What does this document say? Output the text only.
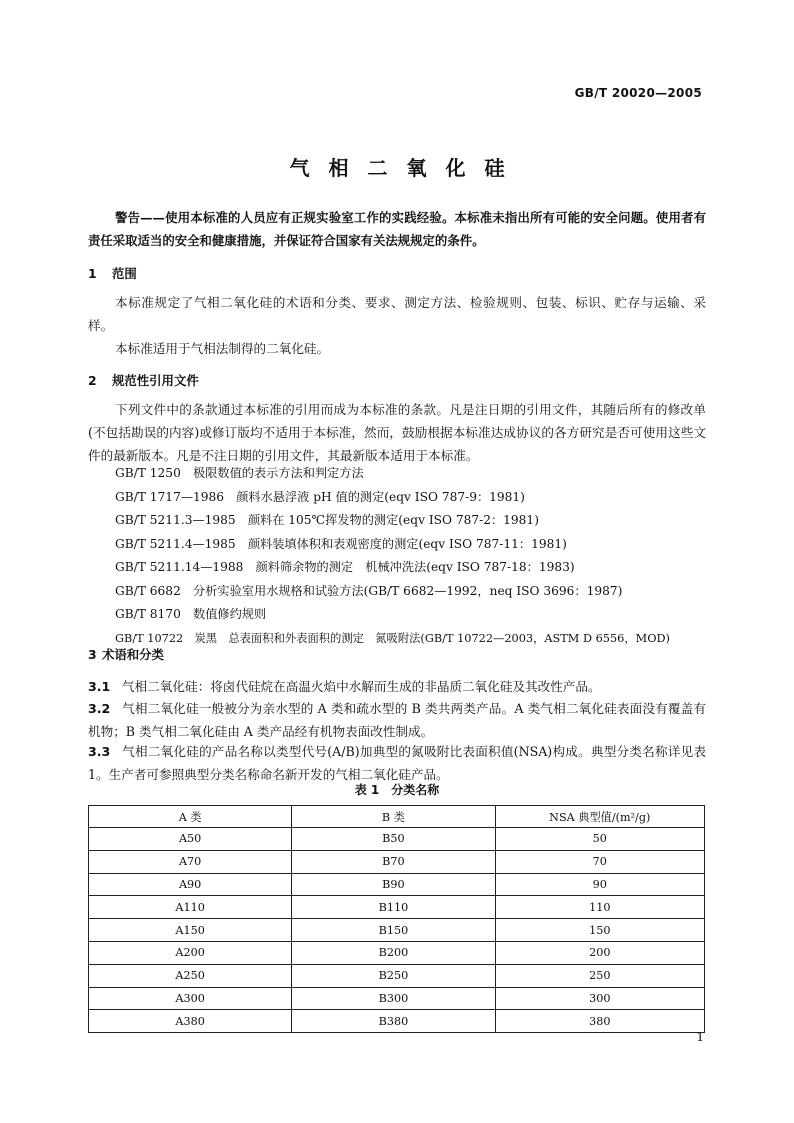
GB/T 20020—2005
气相二氧化硅
警告——使用本标准的人员应有正规实验室工作的实践经验。本标准未指出所有可能的安全问题。使用者有责任采取适当的安全和健康措施，并保证符合国家有关法规规定的条件。
1 范围
本标准规定了气相二氧化硅的术语和分类、要求、测定方法、检验规则、包装、标识、贮存与运输、采样。
本标准适用于气相法制得的二氧化硅。
2 规范性引用文件
下列文件中的条款通过本标准的引用而成为本标准的条款。凡是注日期的引用文件，其随后所有的修改单(不包括勘误的内容)或修订版均不适用于本标准，然而，鼓励根据本标准达成协议的各方研究是否可使用这些文件的最新版本。凡是不注日期的引用文件，其最新版本适用于本标准。
GB/T 1250　极限数值的表示方法和判定方法
GB/T 1717—1986　颜料水悬浮液 pH 值的测定(eqv ISO 787-9：1981)
GB/T 5211.3—1985　颜料在 105℃挥发物的测定(eqv ISO 787-2：1981)
GB/T 5211.4—1985　颜料装填体积和表观密度的测定(eqv ISO 787-11：1981)
GB/T 5211.14—1988　颜料筛余物的测定　机械冲洗法(eqv ISO 787-18：1983)
GB/T 6682　分析实验室用水规格和试验方法(GB/T 6682—1992，neq ISO 3696：1987)
GB/T 8170　数值修约规则
GB/T 10722　炭黑　总表面积和外表面积的测定　氮吸附法(GB/T 10722—2003，ASTM D 6556，MOD)
3 术语和分类
3.1 气相二氧化硅：将卤代硅烷在高温火焰中水解而生成的非晶质二氧化硅及其改性产品。
3.2 气相二氧化硅一般被分为亲水型的 A 类和疏水型的 B 类共两类产品。A 类气相二氧化硅表面没有覆盖有机物；B 类气相二氧化硅由 A 类产品经有机物表面改性制成。
3.3 气相二氧化硅的产品名称以类型代号(A/B)加典型的氮吸附比表面积值(NSA)构成。典型分类名称详见表 1。生产者可参照典型分类名称命名新开发的气相二氧化硅产品。
表 1　分类名称
A 类	B 类	NSA 典型值/(m²/g)
A50	B50	50
A70	B70	70
A90	B90	90
A110	B110	110
A150	B150	150
A200	B200	200
A250	B250	250
A300	B300	300
A380	B380	380
1
